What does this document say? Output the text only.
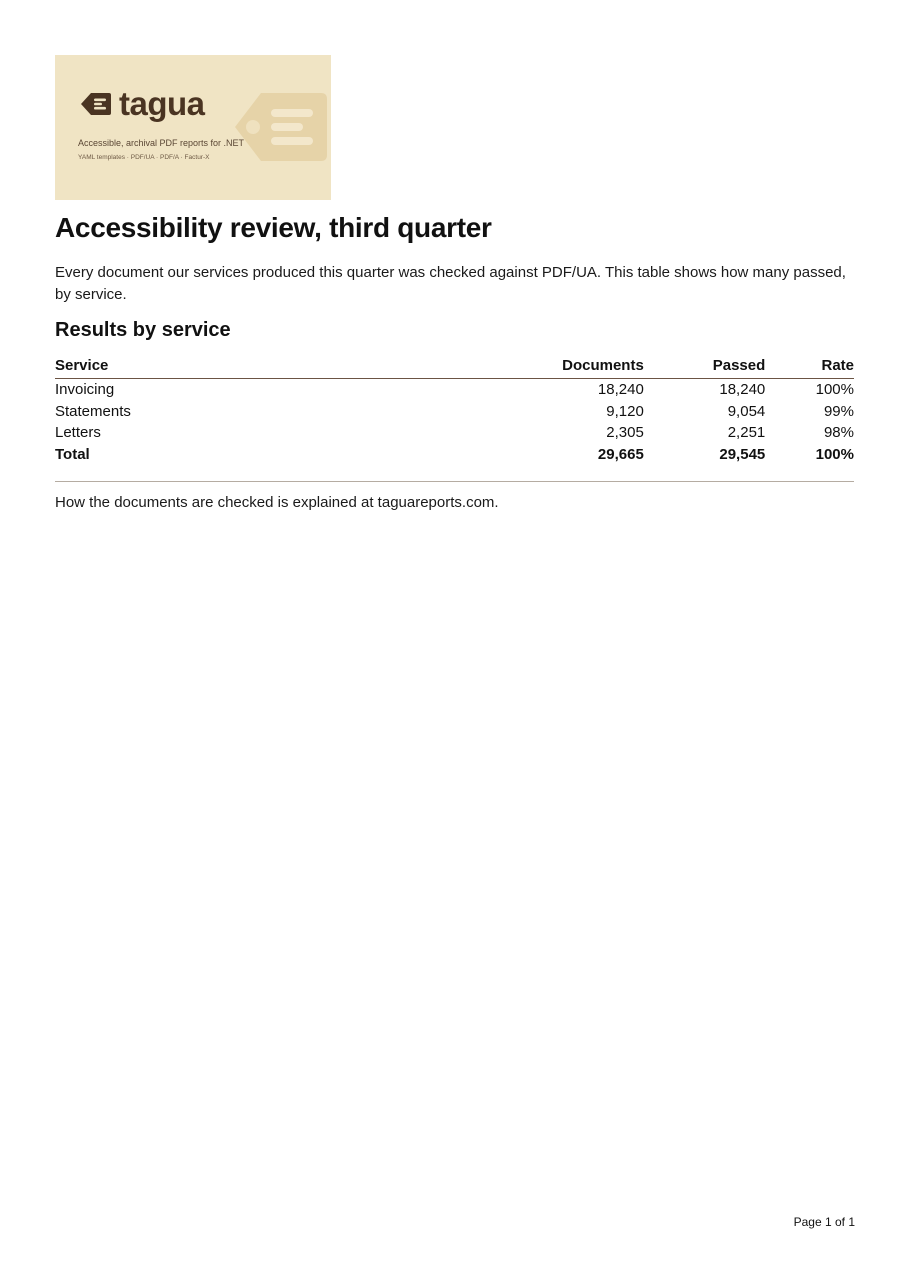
tagua
Accessible, archival PDF reports for .NET
YAML templates · PDF/UA · PDF/A · Factur-X
Accessibility review, third quarter

Every document our services produced this quarter was checked against PDF/UA. This table shows how many passed, by service.

Results by service
Service	Documents	Passed	Rate
Invoicing	18,240	18,240	100%
Statements	9,120	9,054	99%
Letters	2,305	2,251	98%
Total	29,665	29,545	100%

How the documents are checked is explained at taguareports.com.

Page 1 of 1
